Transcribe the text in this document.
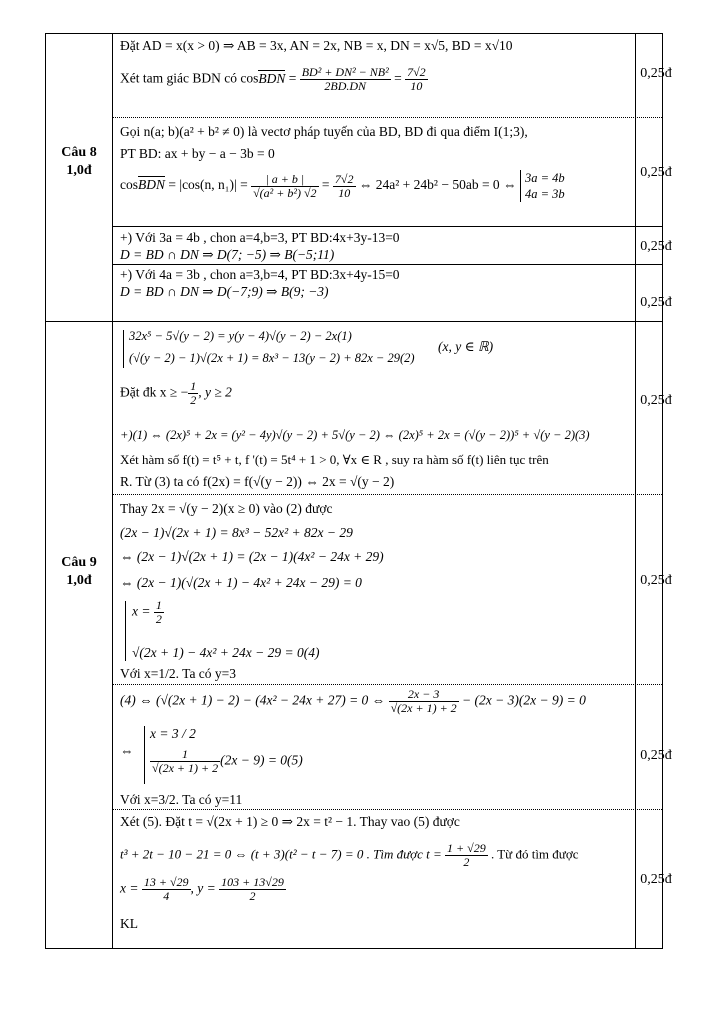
Câu 8
1,0đ
Câu 9
1,0đ
0,25đ
0,25đ
0,25đ
0,25đ
0,25đ
0,25đ
0,25đ
0,25đ
Đặt AD = x(x > 0) ⇒ AB = 3x, AN = 2x, NB = x, DN = x√5, BD = x√10
Xét tam giác BDN có cosBDN = $\frac{\text{BD² + DN² − NB²}}{2BD.DN} = \frac{7√2}{10}$
Gọi n(a; b)(a² + b² ≠ 0) là vectơ pháp tuyến của BD, BD đi qua điểm I(1;3),
PT BD: ax + by − a − 3b = 0
cosBDN = |cos(n, $n_1)| = \frac{| a + b |}{\text{√(a² + b²) √2}} = \frac{7√2}{10}$ ⇔ 24a² + 24b² − 50ab = 0 ⇔ 3a = 4b
4a = 3b
+) Với 3a = 4b , chon a=4,b=3, PT BD:4x+3y-13=0
D = BD ∩ DN ⇒ D(7; −5) ⇒ B(−5;11)
+) Với 4a = 3b , chon a=3,b=4, PT BD:3x+4y-15=0
D = BD ∩ DN ⇒ D(−7;9) ⇒ B(9; −3)
32x⁵ − 5√(y − 2) = y(y − 4)√(y − 2) − 2x(1)
(√(y − 2) − 1)√(2x + 1) = 8x³ − 13(y − 2) + 82x − 29(2)
(x, y ∈ ℝ)
Đặt đk x ≥ − $\frac{1}{2}$ , y ≥ 2
+)(1) ⇔ (2x)⁵ + 2x = (y² − 4y)√(y − 2) + 5√(y − 2) ⇔ (2x)⁵ + 2x = (√(y − 2))⁵ + √(y − 2)(3)
Xét hàm số f(t) = t⁵ + t, f '(t) = 5t⁴ + 1 > 0, ∀x ∈ R , suy ra hàm số f(t) liên tục trên
R. Từ (3) ta có f(2x) = f(√(y − 2)) ⇔ 2x = √(y − 2)
Thay 2x = √(y − 2)(x ≥ 0) vào (2) được
(2x − 1)√(2x + 1) = 8x³ − 52x² + 82x − 29
⇔ (2x − 1)√(2x + 1) = (2x − 1)(4x² − 24x + 29)
⇔ (2x − 1)(√(2x + 1) − 4x² + 24x − 29) = 0
$x = \frac{1}{2}$
√(2x + 1) − 4x² + 24x − 29 = 0(4)
Với x=1/2. Ta có y=3
(4) ⇔ (√(2x + 1) − 2) − (4x² − 24x + 27) = 0 ⇔ $\frac{2x - 3}{√(2x + 1) + 2} - (2x - 3)(2x - 9) = 0$
⇔
x = 3 / 2
$\frac{1}{√(2x + 1) + 2} (2x - 9) = 0(5)$
Với x=3/2. Ta có y=11
Xét (5). Đặt t = √(2x + 1) ≥ 0 ⇒ 2x = t² − 1. Thay vao (5) được
t³ + 2t − 10 − 21 = 0 ⇔ (t + 3)(t² − t − 7) = 0 . Tìm được $t = \frac{1 + √29}{2}$ . Từ đó tìm được
$x = \frac{13 + √29}{4}$ , $y = \frac{103 + 13√29}{2}$
KL
